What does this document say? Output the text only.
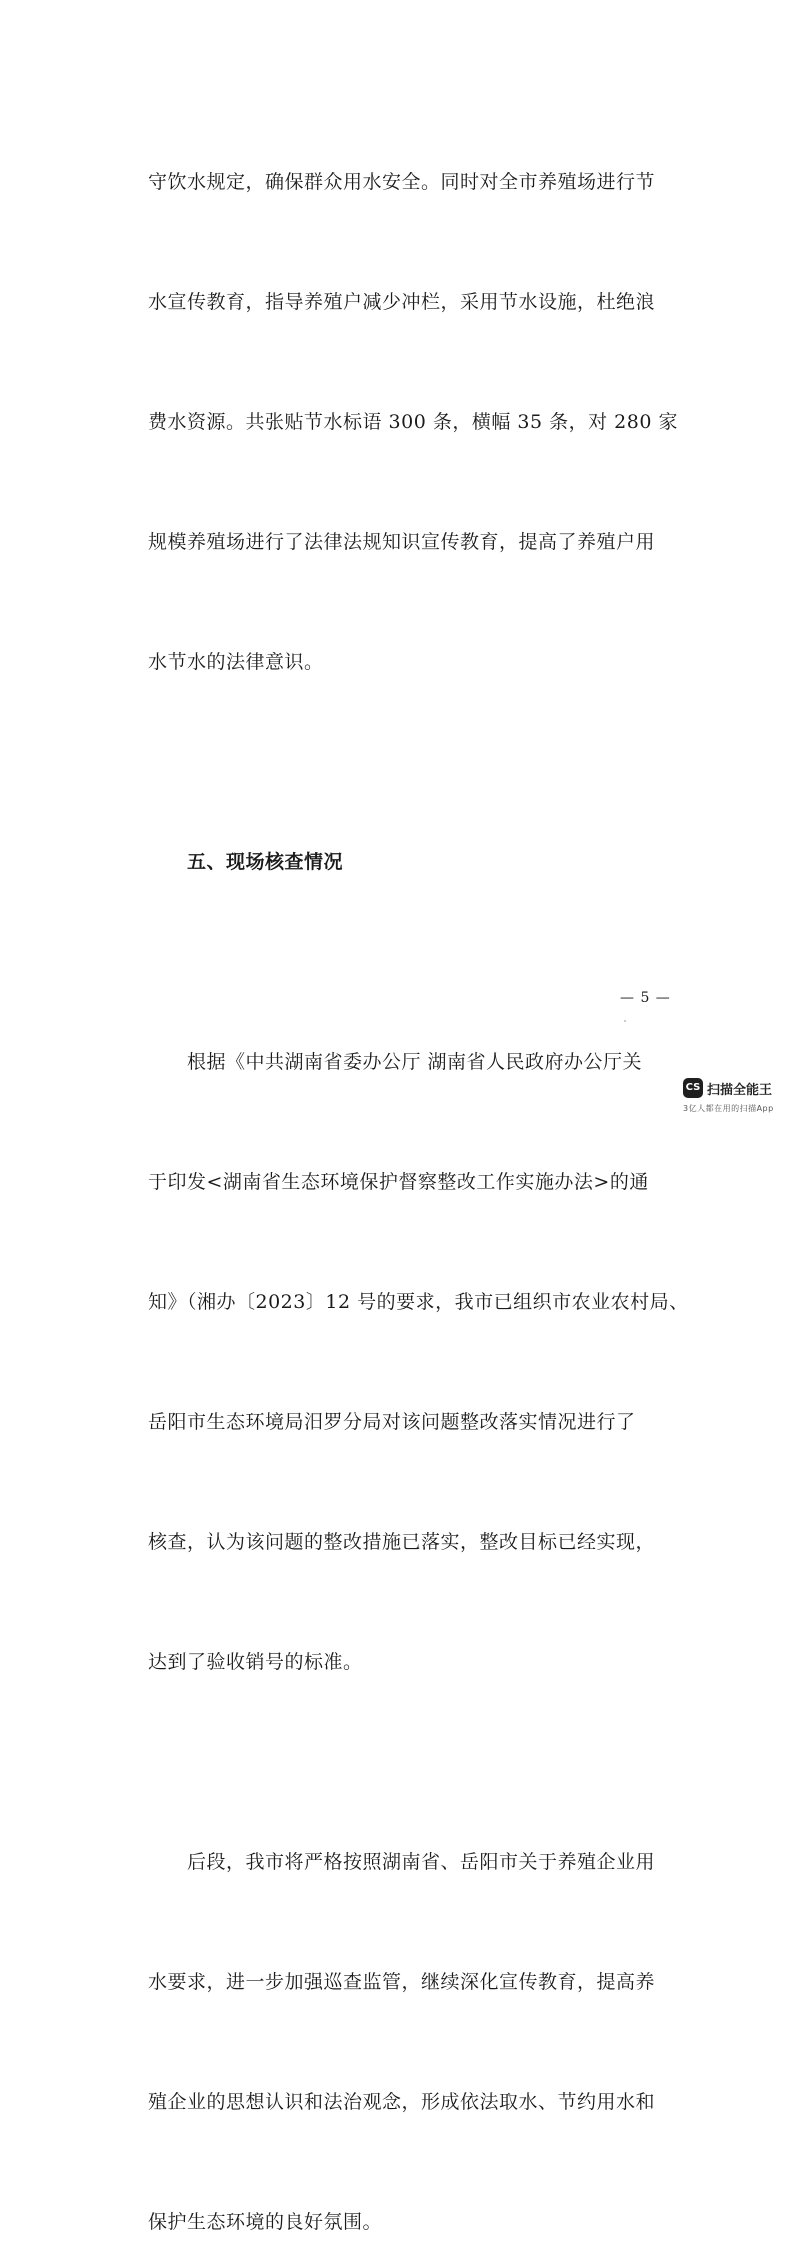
守饮水规定，确保群众用水安全。同时对全市养殖场进行节

水宣传教育，指导养殖户减少冲栏，采用节水设施，杜绝浪

费水资源。共张贴节水标语 300 条，横幅 35 条，对 280 家

规模养殖场进行了法律法规知识宣传教育，提高了养殖户用

水节水的法律意识。

　　五、现场核查情况

　　根据《中共湖南省委办公厅 湖南省人民政府办公厅关

于印发<湖南省生态环境保护督察整改工作实施办法>的通

知》（湘办〔2023〕12 号的要求，我市已组织市农业农村局、

岳阳市生态环境局汨罗分局对该问题整改落实情况进行了

核查，认为该问题的整改措施已落实，整改目标已经实现，

达到了验收销号的标准。

　　后段，我市将严格按照湖南省、岳阳市关于养殖企业用

水要求，进一步加强巡查监管，继续深化宣传教育，提高养

殖企业的思想认识和法治观念，形成依法取水、节约用水和

保护生态环境的良好氛围。

— 5 —
CS 扫描全能王
3亿人都在用的扫描App
